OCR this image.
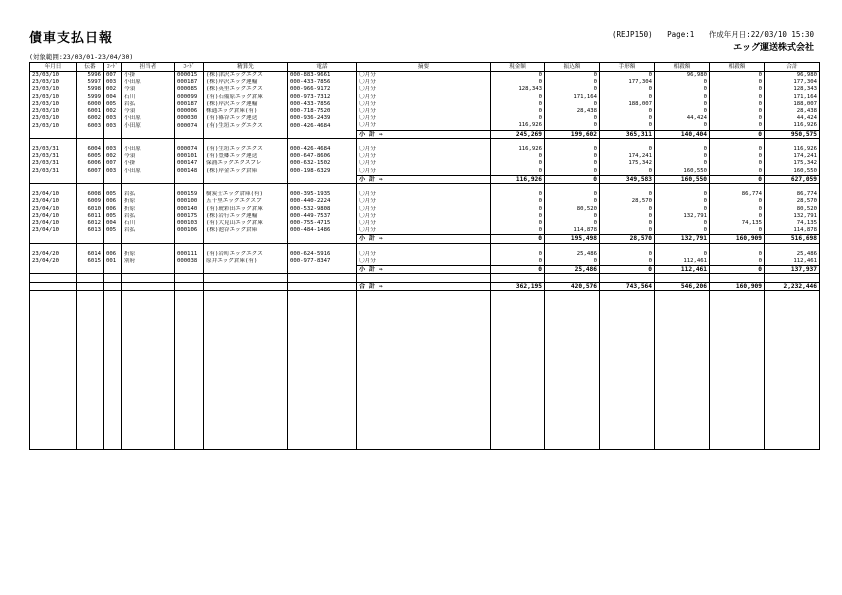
債車支払日報	(REJP150) Page:1 作成年月日:22/03/10 15:30
エッグ運送株式会社
(対象範囲:23/03/01-23/04/30)
年月日	伝番	ｺｰﾄﾞ	担当者	ｺｰﾄﾞ	精算先	電話	摘要	現金額	振込額	手形額	相殺額	相殺額	合計
23/03/10	5996	007	小掛	000015	(株)津沢エッグエクス	000-883-9661	〇月分	0	0	0	96,980	0	96,980
23/03/10	5997	003	小田原	000187	(株)岸沢エッグ運輸	000-433-7856	〇月分	0	0	177,304	0	0	177,304
23/03/10	5998	002	今須	000085	(株)英里エッグエクス	000-966-9172	〇月分	128,343	0	0	0	0	128,343
23/03/10	5999	004	石川	000099	(有)石備原エッグ倉庫	000-973-7312	〇月分	0	171,164	0	0	0	171,164
23/03/10	6000	005	岩払	000187	(株)岸沢エッグ運輸	000-433-7856	〇月分	0	0	188,007	0	0	188,007
23/03/10	6001	002	今須	000006	株通エッグ倉庫(有)	000-718-7520	〇月分	0	28,438	0	0	0	28,438
23/03/10	6002	003	小田原	000030	(有)篠谷エッグ運送	000-936-2439	〇月分	0	0	0	44,424	0	44,424
23/03/10	6003	003	小田原	000074	(有)生垣エッグエクス	000-426-4684	〇月分	116,926	0	0	0	0	116,926
							小 計 ⇒	245,269	199,602	365,311	140,404	0	950,575

23/03/31	6004	003	小田原	000074	(有)生垣エッグエクス	000-426-4684	〇月分	116,926	0	0	0	0	116,926
23/03/31	6005	002	今須	000101	(有)豊郷エッグ運送	000-647-8606	〇月分	0	0	174,241	0	0	174,241
23/03/31	6006	007	小掛	000147	保浦エッグエクスプレ	000-632-1502	〇月分	0	0	175,342	0	0	175,342
23/03/31	6007	003	小田原	000148	(株)岸金エッグ倉庫	000-198-6329	〇月分	0	0	0	160,550	0	160,550
							小 計 ⇒	116,926	0	349,583	160,550	0	627,059

23/04/10	6008	005	岩払	000159	樹炭士エッグ倉庫(有)	000-395-1935	〇月分	0	0	0	0	86,774	86,774
23/04/10	6009	006	折原	000100	五十里エッグエクスプ	000-440-2224	〇月分	0	0	28,570	0	0	28,570
23/04/10	6010	006	折原	000140	(有)琥彩田エッグ倉庫	000-532-9808	〇月分	0	80,520	0	0	0	80,520
23/04/10	6011	005	岩払	000175	(株)岩行エッグ運輸	000-449-7537	〇月分	0	0	0	132,791	0	132,791
23/04/10	6012	004	石川	000103	(有)大見山エッグ倉庫	000-755-4715	〇月分	0	0	0	0	74,135	74,135
23/04/10	6013	005	岩払	000106	(株)池谷エッグ倉庫	000-484-1486	〇月分	0	114,878	0	0	0	114,878
							小 計 ⇒	0	195,498	28,570	132,791	160,909	516,698

23/04/20	6014	006	折原	000111	(有)岩町エッグエクス	000-624-5916	〇月分	0	25,486	0	0	0	25,486
23/04/20	6015	001	別府	000038	原井エッグ倉庫(有)	000-977-8347	〇月分	0	0	0	112,461	0	112,461
							小 計 ⇒	0	25,486	0	112,461	0	137,937

							合 計 ⇒	362,195	420,576	743,564	546,206	160,909	2,232,446
